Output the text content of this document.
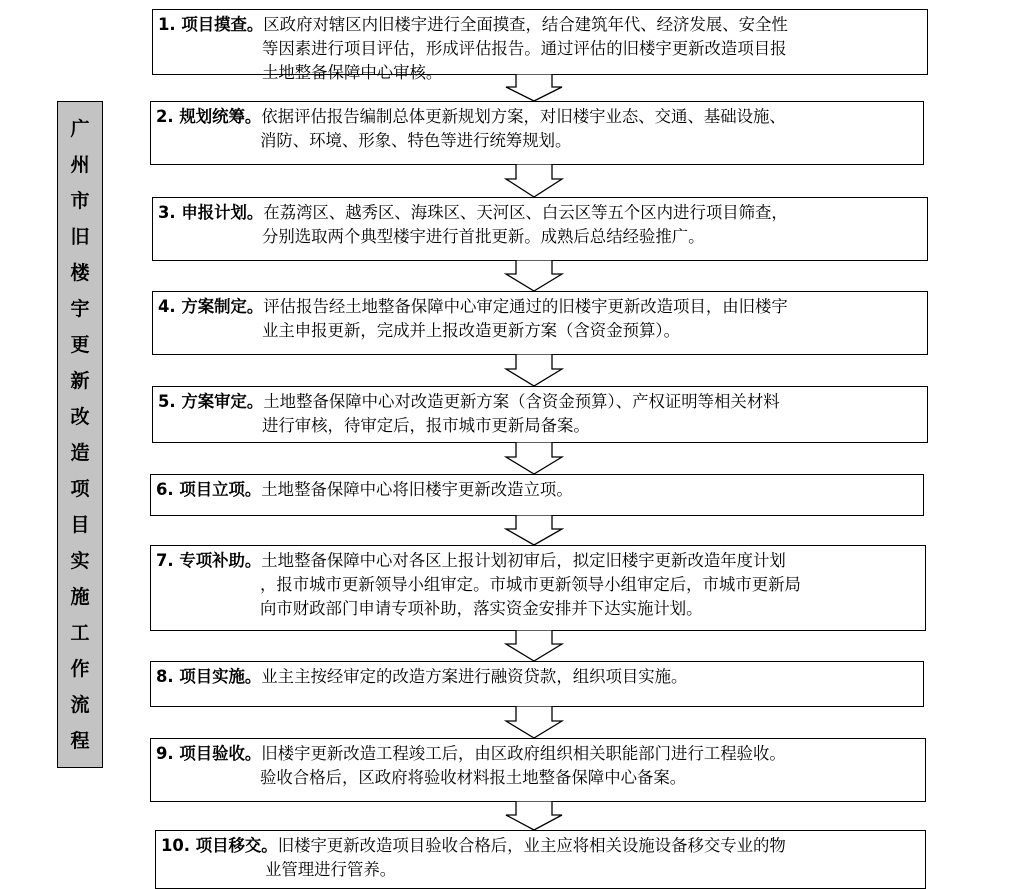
广
州
市
旧
楼
宇
更
新
改
造
项
目
实
施
工
作
流
程
1. 项目摸查。区政府对辖区内旧楼宇进行全面摸查，结合建筑年代、经济发展、安全性
等因素进行项目评估，形成评估报告。通过评估的旧楼宇更新改造项目报
土地整备保障中心审核。
2. 规划统筹。依据评估报告编制总体更新规划方案，对旧楼宇业态、交通、基础设施、
消防、环境、形象、特色等进行统筹规划。
3. 申报计划。在荔湾区、越秀区、海珠区、天河区、白云区等五个区内进行项目筛查，
分别选取两个典型楼宇进行首批更新。成熟后总结经验推广。
4. 方案制定。评估报告经土地整备保障中心审定通过的旧楼宇更新改造项目，由旧楼宇
业主申报更新，完成并上报改造更新方案（含资金预算）。
5. 方案审定。土地整备保障中心对改造更新方案（含资金预算）、产权证明等相关材料
进行审核，待审定后，报市城市更新局备案。
6. 项目立项。土地整备保障中心将旧楼宇更新改造立项。
7. 专项补助。土地整备保障中心对各区上报计划初审后，拟定旧楼宇更新改造年度计划
，报市城市更新领导小组审定。市城市更新领导小组审定后，市城市更新局
向市财政部门申请专项补助，落实资金安排并下达实施计划。
8. 项目实施。业主主按经审定的改造方案进行融资贷款，组织项目实施。
9. 项目验收。旧楼宇更新改造工程竣工后，由区政府组织相关职能部门进行工程验收。
验收合格后，区政府将验收材料报土地整备保障中心备案。
10. 项目移交。旧楼宇更新改造项目验收合格后，业主应将相关设施设备移交专业的物
业管理进行管养。
